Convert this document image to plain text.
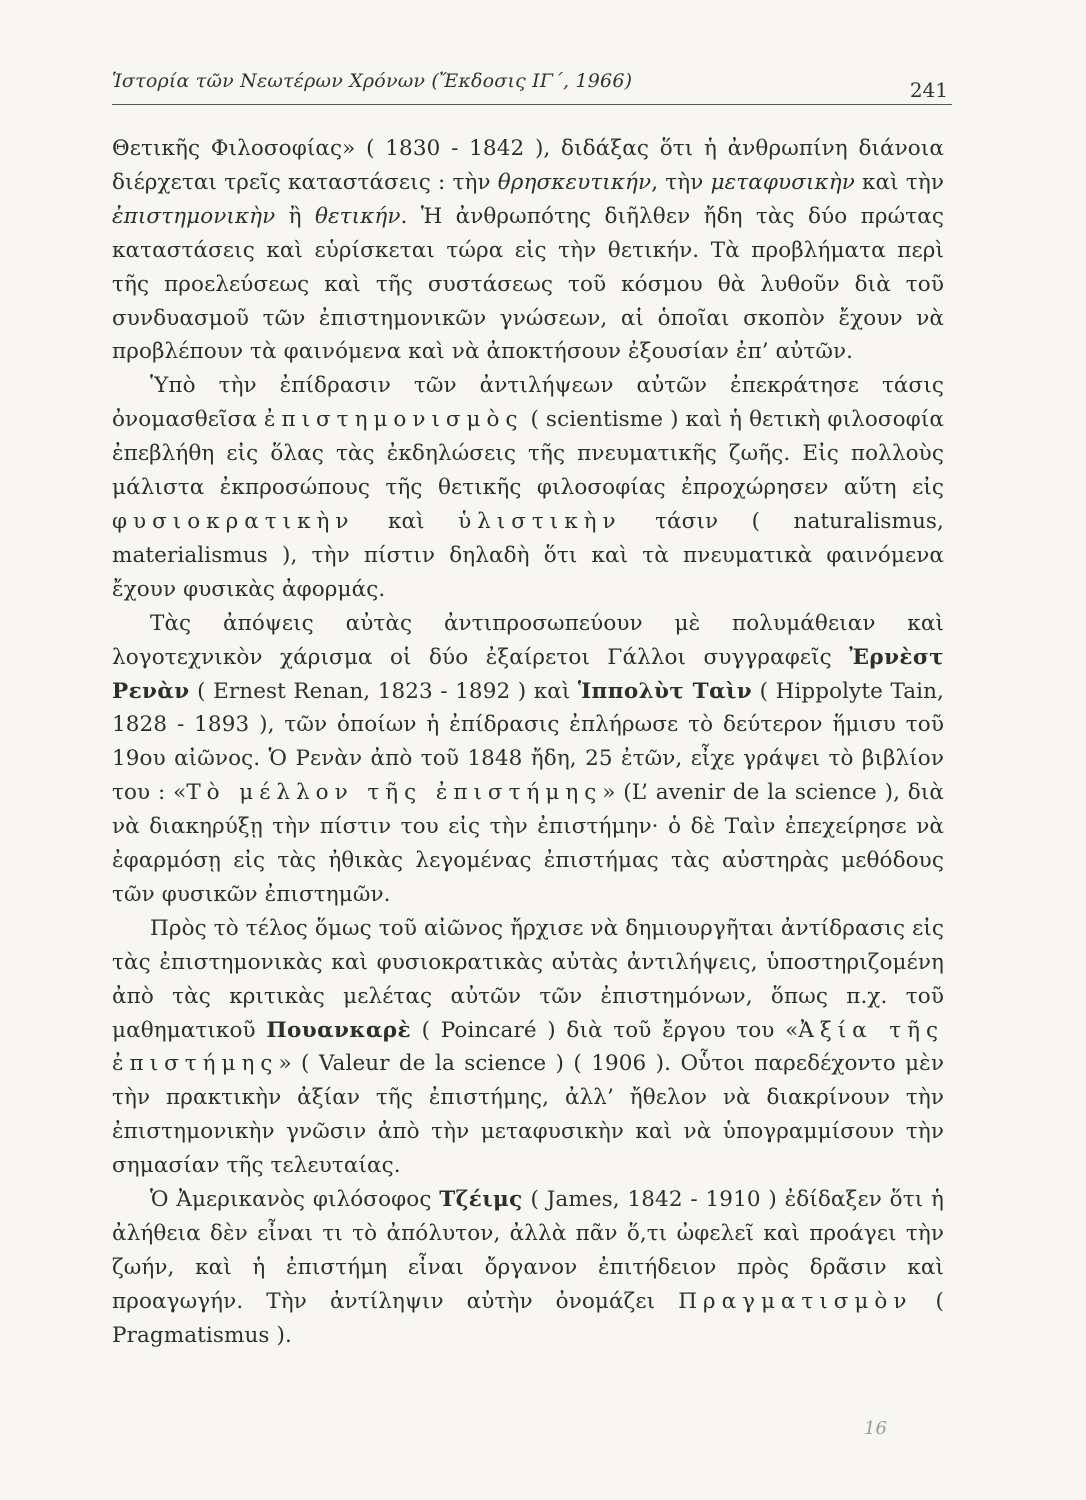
Ἱστορία τῶν Νεωτέρων Χρόνων (Ἔκδοσις ΙΓ΄, 1966)	241

Θετικῆς Φιλοσοφίας» ( 1830 - 1842 ), διδάξας ὅτι ἡ ἀνθρωπίνη διάνοια διέρχεται τρεῖς καταστάσεις : τὴν θρησκευτικήν, τὴν μεταφυσικὴν καὶ τὴν ἐπιστημονικὴν ἢ θετικήν. Ἡ ἀνθρωπότης διῆλθεν ἤδη τὰς δύο πρώτας καταστάσεις καὶ εὑρίσκεται τώρα εἰς τὴν θετικήν. Τὰ προβλήματα περὶ τῆς προελεύσεως καὶ τῆς συστάσεως τοῦ κόσμου θὰ λυθοῦν διὰ τοῦ συνδυασμοῦ τῶν ἐπιστημονικῶν γνώσεων, αἱ ὁποῖαι σκοπὸν ἔχουν νὰ προβλέπουν τὰ φαινόμενα καὶ νὰ ἀποκτήσουν ἐξουσίαν ἐπ’ αὐτῶν.

Ὑπὸ τὴν ἐπίδρασιν τῶν ἀντιλήψεων αὐτῶν ἐπεκράτησε τάσις ὀνομασθεῖσα ἐπιστημονισμὸς ( scientisme ) καὶ ἡ θετικὴ φιλοσοφία ἐπεβλήθη εἰς ὅλας τὰς ἐκδηλώσεις τῆς πνευματικῆς ζωῆς. Εἰς πολλοὺς μάλιστα ἐκπροσώπους τῆς θετικῆς φιλοσοφίας ἐπροχώρησεν αὕτη εἰς φυσιοκρατικὴν καὶ ὑλιστικὴν τάσιν ( naturalismus, materialismus ), τὴν πίστιν δηλαδὴ ὅτι καὶ τὰ πνευματικὰ φαινόμενα ἔχουν φυσικὰς ἀφορμάς.

Τὰς ἀπόψεις αὐτὰς ἀντιπροσωπεύουν μὲ πολυμάθειαν καὶ λογοτεχνικὸν χάρισμα οἱ δύο ἐξαίρετοι Γάλλοι συγγραφεῖς Ἐρνὲστ Ρενὰν ( Ernest Renan, 1823 - 1892 ) καὶ Ἱππολὺτ Ταὶν ( Hippolyte Tain, 1828 - 1893 ), τῶν ὁποίων ἡ ἐπίδρασις ἐπλήρωσε τὸ δεύτερον ἥμισυ τοῦ 19ου αἰῶνος. Ὁ Ρενὰν ἀπὸ τοῦ 1848 ἤδη, 25 ἐτῶν, εἶχε γράψει τὸ βιβλίον του : «Τὸ μέλλον τῆς ἐπιστήμης» (L’ avenir de la science ), διὰ νὰ διακηρύξῃ τὴν πίστιν του εἰς τὴν ἐπιστήμην· ὁ δὲ Ταὶν ἐπεχείρησε νὰ ἐφαρμόσῃ εἰς τὰς ἠθικὰς λεγομένας ἐπιστήμας τὰς αὐστηρὰς μεθόδους τῶν φυσικῶν ἐπιστημῶν.

Πρὸς τὸ τέλος ὅμως τοῦ αἰῶνος ἤρχισε νὰ δημιουργῆται ἀντίδρασις εἰς τὰς ἐπιστημονικὰς καὶ φυσιοκρατικὰς αὐτὰς ἀντιλήψεις, ὑποστηριζομένη ἀπὸ τὰς κριτικὰς μελέτας αὐτῶν τῶν ἐπιστημόνων, ὅπως π.χ. τοῦ μαθηματικοῦ Πουανκαρὲ ( Poincaré ) διὰ τοῦ ἔργου του «Ἀξία τῆς ἐπιστήμης» ( Valeur de la science ) ( 1906 ). Οὗτοι παρεδέχοντο μὲν τὴν πρακτικὴν ἀξίαν τῆς ἐπιστήμης, ἀλλ’ ἤθελον νὰ διακρίνουν τὴν ἐπιστημονικὴν γνῶσιν ἀπὸ τὴν μεταφυσικὴν καὶ νὰ ὑπογραμμίσουν τὴν σημασίαν τῆς τελευταίας.

Ὁ Ἀμερικανὸς φιλόσοφος Τζέιμς ( James, 1842 - 1910 ) ἐδίδαξεν ὅτι ἡ ἀλήθεια δὲν εἶναι τι τὸ ἀπόλυτον, ἀλλὰ πᾶν ὅ,τι ὠφελεῖ καὶ προάγει τὴν ζωήν, καὶ ἡ ἐπιστήμη εἶναι ὄργανον ἐπιτήδειον πρὸς δρᾶσιν καὶ προαγωγήν. Τὴν ἀντίληψιν αὐτὴν ὀνομάζει Πραγματισμὸν ( Pragmatismus ).

16
